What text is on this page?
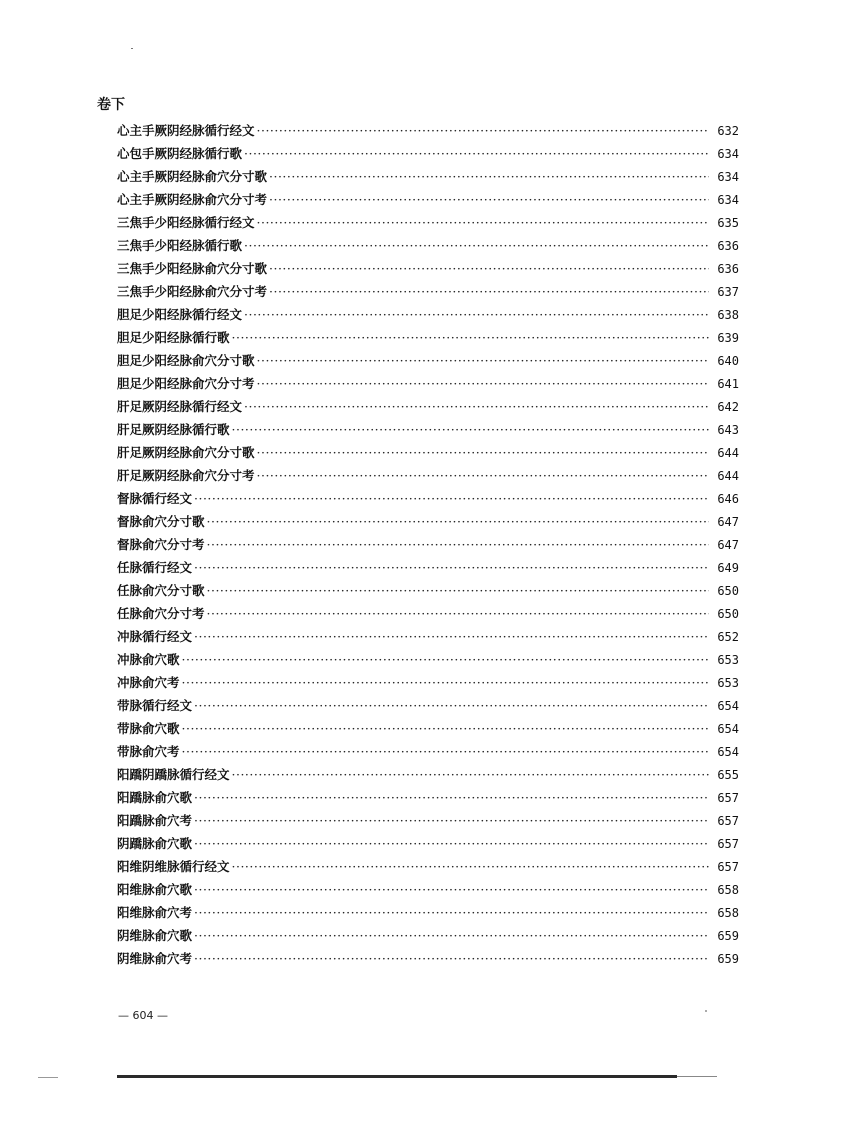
卷下
心主手厥阴经脉循行经文 ·····	632
心包手厥阴经脉循行歌 ·····	634
心主手厥阴经脉俞穴分寸歌 ·····	634
心主手厥阴经脉俞穴分寸考 ·····	634
三焦手少阳经脉循行经文 ·····	635
三焦手少阳经脉循行歌 ·····	636
三焦手少阳经脉俞穴分寸歌 ·····	636
三焦手少阳经脉俞穴分寸考 ·····	637
胆足少阳经脉循行经文 ·····	638
胆足少阳经脉循行歌 ·····	639
胆足少阳经脉俞穴分寸歌 ·····	640
胆足少阳经脉俞穴分寸考 ·····	641
肝足厥阴经脉循行经文 ·····	642
肝足厥阴经脉循行歌 ·····	643
肝足厥阴经脉俞穴分寸歌 ·····	644
肝足厥阴经脉俞穴分寸考 ·····	644
督脉循行经文 ·····	646
督脉俞穴分寸歌 ·····	647
督脉俞穴分寸考 ·····	647
任脉循行经文 ·····	649
任脉俞穴分寸歌 ·····	650
任脉俞穴分寸考 ·····	650
冲脉循行经文 ·····	652
冲脉俞穴歌 ·····	653
冲脉俞穴考 ·····	653
带脉循行经文 ·····	654
带脉俞穴歌 ·····	654
带脉俞穴考 ·····	654
阳蹻阴蹻脉循行经文 ·····	655
阳蹻脉俞穴歌 ·····	657
阳蹻脉俞穴考 ·····	657
阴蹻脉俞穴歌 ·····	657
阳维阴维脉循行经文 ·····	657
阳维脉俞穴歌 ·····	658
阳维脉俞穴考 ·····	658
阴维脉俞穴歌 ·····	659
阴维脉俞穴考 ·····	659
— 604 —
